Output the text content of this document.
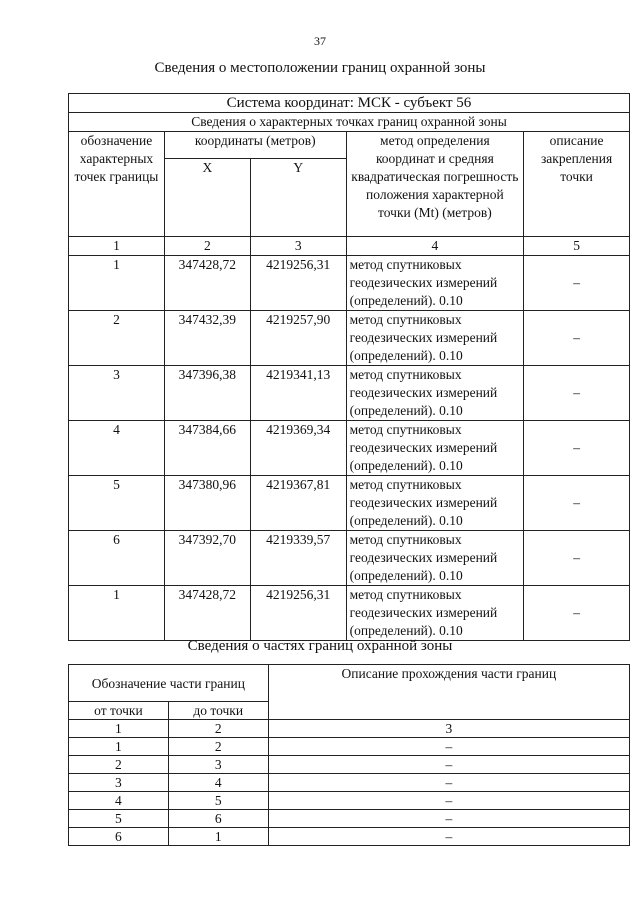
37
Сведения о местоположении границ охранной зоны
Система координат: МСК - субъект 56				
Сведения о характерных точках границ охранной зоны				
обозначение характерных точек границы	координаты (метров)		метод определения координат и средняя квадратическая погрешность положения характерной точки (Mt) (метров)	описание закрепления точки
	X	Y		
1	2	3	4	5
1	347428,72	4219256,31	метод спутниковых
геодезических измерений
(определений). 0.10	–
2	347432,39	4219257,90	метод спутниковых
геодезических измерений
(определений). 0.10	–
3	347396,38	4219341,13	метод спутниковых
геодезических измерений
(определений). 0.10	–
4	347384,66	4219369,34	метод спутниковых
геодезических измерений
(определений). 0.10	–
5	347380,96	4219367,81	метод спутниковых
геодезических измерений
(определений). 0.10	–
6	347392,70	4219339,57	метод спутниковых
геодезических измерений
(определений). 0.10	–
1	347428,72	4219256,31	метод спутниковых
геодезических измерений
(определений). 0.10	–
Сведения о частях границ охранной зоны
Обозначение части границ		Описание прохождения части границ
от точки	до точки	
1	2	3
1	2	–
2	3	–
3	4	–
4	5	–
5	6	–
6	1	–
